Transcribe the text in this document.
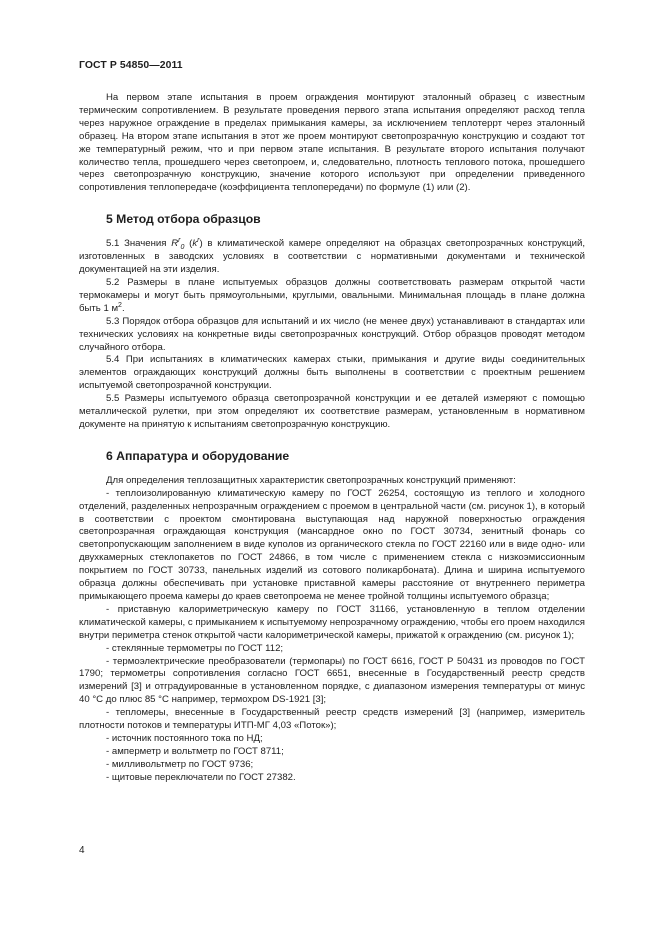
ГОСТ Р 54850—2011

На первом этапе испытания в проем ограждения монтируют эталонный образец с известным термическим сопротивлением. В результате проведения первого этапа испытания определяют расход тепла через наружное ограждение в пределах примыкания камеры, за исключением теплотеррт через эталонный образец. На втором этапе испытания в этот же проем монтируют светопрозрачную конструкцию и создают тот же температурный режим, что и при первом этапе испытания. В результате второго испытания получают количество тепла, прошедшего через светопроем, и, следовательно, плотность теплового потока, прошедшего через светопрозрачную конструкцию, значение которого используют при определении приведенного сопротивления теплопередаче (коэффициента теплопередачи) по формуле (1) или (2).

5 Метод отбора образцов

5.1 Значения $R^r_0$ $(k^r)$ в климатической камере определяют на образцах светопрозрачных конструкций, изготовленных в заводских условиях в соответствии с нормативными документами и технической документацией на эти изделия.

5.2 Размеры в плане испытуемых образцов должны соответствовать размерам открытой части термокамеры и могут быть прямоугольными, круглыми, овальными. Минимальная площадь в плане должна быть 1 $м^2$.

5.3 Порядок отбора образцов для испытаний и их число (не менее двух) устанавливают в стандартах или технических условиях на конкретные виды светопрозрачных конструкций. Отбор образцов проводят методом случайного отбора.

5.4 При испытаниях в климатических камерах стыки, примыкания и другие виды соединительных элементов ограждающих конструкций должны быть выполнены в соответствии с проектным решением испытуемой светопрозрачной конструкции.

5.5 Размеры испытуемого образца светопрозрачной конструкции и ее деталей измеряют с помощью металлической рулетки, при этом определяют их соответствие размерам, установленным в нормативном документе на принятую к испытаниям светопрозрачную конструкцию.

6 Аппаратура и оборудование

Для определения теплозащитных характеристик светопрозрачных конструкций применяют:

- теплоизолированную климатическую камеру по ГОСТ 26254, состоящую из теплого и холодного отделений, разделенных непрозрачным ограждением с проемом в центральной части (см. рисунок 1), в который в соответствии с проектом смонтирована выступающая над наружной поверхностью ограждения светопрозрачная ограждающая конструкция (мансардное окно по ГОСТ 30734, зенитный фонарь со светопропускающим заполнением в виде куполов из органического стекла по ГОСТ 22160 или в виде одно- или двухкамерных стеклопакетов по ГОСТ 24866, в том числе с применением стекла с низкоэмиссионным покрытием по ГОСТ 30733, панельных изделий из сотового поликарбоната). Длина и ширина испытуемого образца должны обеспечивать при установке приставной камеры расстояние от внутреннего периметра примыкающего проема камеры до краев светопроема не менее тройной толщины испытуемого образца;

- приставную калориметрическую камеру по ГОСТ 31166, установленную в теплом отделении климатической камеры, с примыканием к испытуемому непрозрачному ограждению, чтобы его проем находился внутри периметра стенок открытой части калориметрической камеры, прижатой к ограждению (см. рисунок 1);

- стеклянные термометры по ГОСТ 112;

- термоэлектрические преобразователи (термопары) по ГОСТ 6616, ГОСТ Р 50431 из проводов по ГОСТ 1790; термометры сопротивления согласно ГОСТ 6651, внесенные в Государственный реестр средств измерений [3] и отградуированные в установленном порядке, с диапазоном измерения температуры от минус 40 °С до плюс 85 °С например, термохром DS-1921 [3];

- тепломеры, внесенные в Государственный реестр средств измерений [3] (например, измеритель плотности потоков и температуры ИТП-МГ 4,03 «Поток»);

- источник постоянного тока по НД;

- амперметр и вольтметр по ГОСТ 8711;

- милливольтметр по ГОСТ 9736;

- щитовые переключатели по ГОСТ 27382.

4
